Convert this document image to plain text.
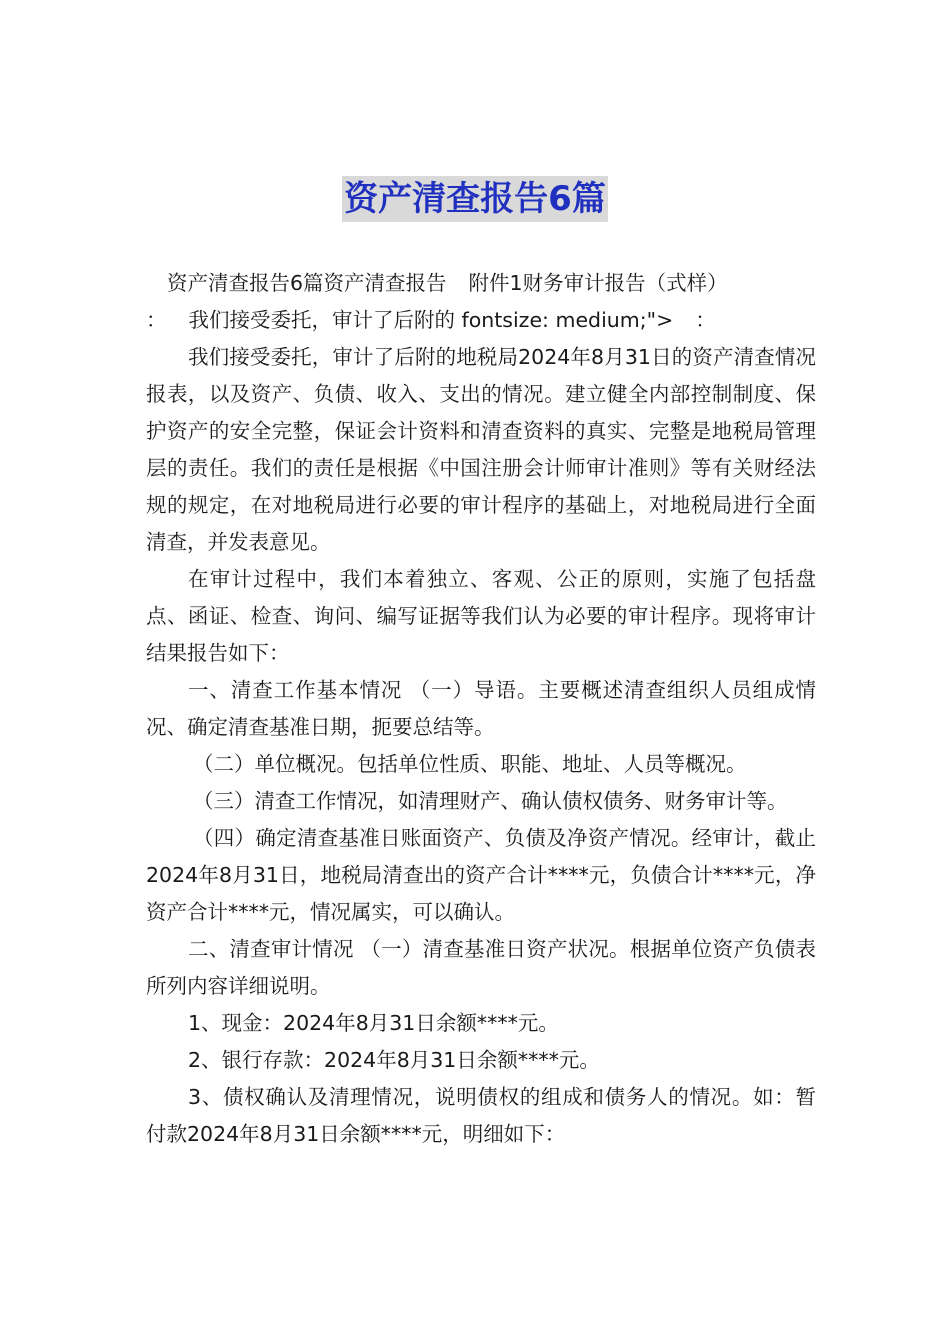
资产清查报告6篇

资产清查报告6篇资产清查报告 附件1财务审计报告（式样）

： 我们接受委托，审计了后附的 fontsize: medium;"> ：

我们接受委托，审计了后附的地税局2024年8月31日的资产清查情况报表，以及资产、负债、收入、支出的情况。建立健全内部控制制度、保护资产的安全完整，保证会计资料和清查资料的真实、完整是地税局管理层的责任。我们的责任是根据《中国注册会计师审计准则》等有关财经法规的规定，在对地税局进行必要的审计程序的基础上，对地税局进行全面清查，并发表意见。

在审计过程中，我们本着独立、客观、公正的原则，实施了包括盘点、函证、检查、询问、编写证据等我们认为必要的审计程序。现将审计结果报告如下：

一、清查工作基本情况 （一）导语。主要概述清查组织人员组成情况、确定清查基准日期，扼要总结等。

（二）单位概况。包括单位性质、职能、地址、人员等概况。

（三）清查工作情况，如清理财产、确认债权债务、财务审计等。

（四）确定清查基准日账面资产、负债及净资产情况。经审计，截止2024年8月31日，地税局清查出的资产合计****元，负债合计****元，净资产合计****元，情况属实，可以确认。

二、清查审计情况 （一）清查基准日资产状况。根据单位资产负债表所列内容详细说明。

1、现金：2024年8月31日余额****元。

2、银行存款：2024年8月31日余额****元。

3、债权确认及清理情况，说明债权的组成和债务人的情况。如：暂付款2024年8月31日余额****元，明细如下：
